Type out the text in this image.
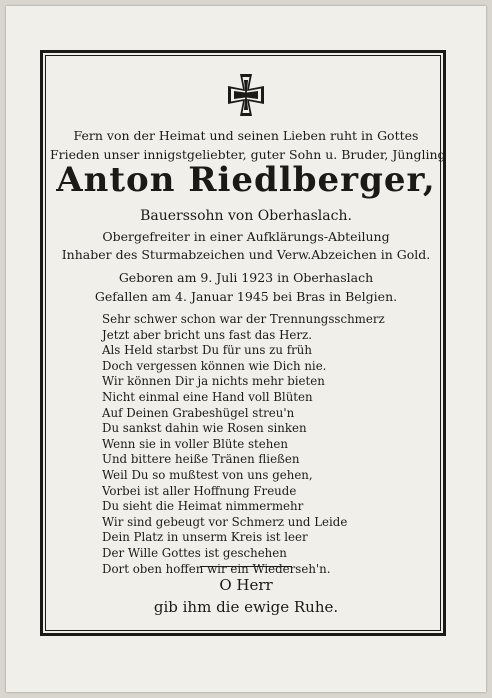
Fern von der Heimat und seinen Lieben ruht in Gottes
Frieden unser innigstgeliebter, guter Sohn u. Bruder, Jüngling
Anton Riedlberger,
Bauerssohn von Oberhaslach.
Obergefreiter in einer Aufklärungs-Abteilung
Inhaber des Sturmabzeichen und Verw.Abzeichen in Gold.
Geboren am 9. Juli 1923 in Oberhaslach
Gefallen am 4. Januar 1945 bei Bras in Belgien.
Sehr schwer schon war der Trennungsschmerz
Jetzt aber bricht uns fast das Herz.
Als Held starbst Du für uns zu früh
Doch vergessen können wie Dich nie.
Wir können Dir ja nichts mehr bieten
Nicht einmal eine Hand voll Blüten
Auf Deinen Grabeshügel streu'n
Du sankst dahin wie Rosen sinken
Wenn sie in voller Blüte stehen
Und bittere heiße Tränen fließen
Weil Du so mußtest von uns gehen,
Vorbei ist aller Hoffnung Freude
Du sieht die Heimat nimmermehr
Wir sind gebeugt vor Schmerz und Leide
Dein Platz in unserm Kreis ist leer
Der Wille Gottes ist geschehen
Dort oben hoffen wir ein Wiederseh'n.
O Herr
gib ihm die ewige Ruhe.
